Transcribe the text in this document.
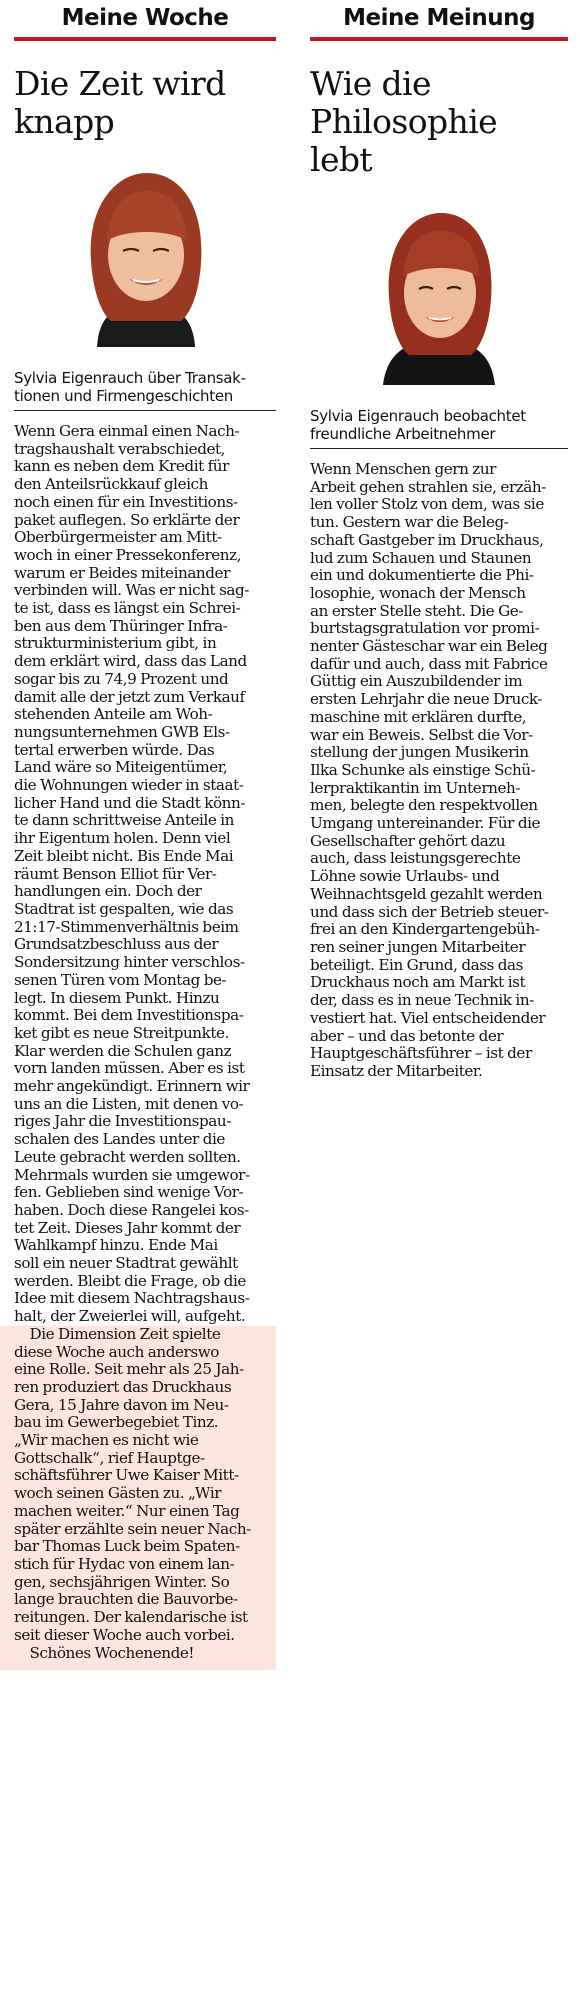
Meine Woche
Die Zeit wird
knapp
Sylvia Eigenrauch über Transak-
tionen und Firmengeschichten
Wenn Gera einmal einen Nach-
tragshaushalt verabschiedet,
kann es neben dem Kredit für
den Anteilsrückkauf gleich
noch einen für ein Investitions-
paket auflegen. So erklärte der
Oberbürgermeister am Mitt-
woch in einer Pressekonferenz,
warum er Beides miteinander
verbinden will. Was er nicht sag-
te ist, dass es längst ein Schrei-
ben aus dem Thüringer Infra-
strukturministerium gibt, in
dem erklärt wird, dass das Land
sogar bis zu 74,9 Prozent und
damit alle der jetzt zum Verkauf
stehenden Anteile am Woh-
nungsunternehmen GWB Els-
tertal erwerben würde. Das
Land wäre so Miteigentümer,
die Wohnungen wieder in staat-
licher Hand und die Stadt könn-
te dann schrittweise Anteile in
ihr Eigentum holen. Denn viel
Zeit bleibt nicht. Bis Ende Mai
räumt Benson Elliot für Ver-
handlungen ein. Doch der
Stadtrat ist gespalten, wie das
21:17-Stimmenverhältnis beim
Grundsatzbeschluss aus der
Sondersitzung hinter verschlos-
senen Türen vom Montag be-
legt. In diesem Punkt. Hinzu
kommt. Bei dem Investitionspa-
ket gibt es neue Streitpunkte.
Klar werden die Schulen ganz
vorn landen müssen. Aber es ist
mehr angekündigt. Erinnern wir
uns an die Listen, mit denen vo-
riges Jahr die Investitionspau-
schalen des Landes unter die
Leute gebracht werden sollten.
Mehrmals wurden sie umgewor-
fen. Geblieben sind wenige Vor-
haben. Doch diese Rangelei kos-
tet Zeit. Dieses Jahr kommt der
Wahlkampf hinzu. Ende Mai
soll ein neuer Stadtrat gewählt
werden. Bleibt die Frage, ob die
Idee mit diesem Nachtragshaus-
halt, der Zweierlei will, aufgeht.
Die Dimension Zeit spielte
diese Woche auch anderswo
eine Rolle. Seit mehr als 25 Jah-
ren produziert das Druckhaus
Gera, 15 Jahre davon im Neu-
bau im Gewerbegebiet Tinz.
„Wir machen es nicht wie
Gottschalk“, rief Hauptge-
schäftsführer Uwe Kaiser Mitt-
woch seinen Gästen zu. „Wir
machen weiter.“ Nur einen Tag
später erzählte sein neuer Nach-
bar Thomas Luck beim Spaten-
stich für Hydac von einem lan-
gen, sechsjährigen Winter. So
lange brauchten die Bauvorbe-
reitungen. Der kalendarische ist
seit dieser Woche auch vorbei.
Schönes Wochenende!
Meine Meinung
Wie die
Philosophie lebt
Sylvia Eigenrauch beobachtet
freundliche Arbeitnehmer
Wenn Menschen gern zur
Arbeit gehen strahlen sie, erzäh-
len voller Stolz von dem, was sie
tun. Gestern war die Beleg-
schaft Gastgeber im Druckhaus,
lud zum Schauen und Staunen
ein und dokumentierte die Phi-
losophie, wonach der Mensch
an erster Stelle steht. Die Ge-
burtstagsgratulation vor promi-
nenter Gästeschar war ein Beleg
dafür und auch, dass mit Fabrice
Güttig ein Auszubildender im
ersten Lehrjahr die neue Druck-
maschine mit erklären durfte,
war ein Beweis. Selbst die Vor-
stellung der jungen Musikerin
Ilka Schunke als einstige Schü-
lerpraktikantin im Unterneh-
men, belegte den respektvollen
Umgang untereinander. Für die
Gesellschafter gehört dazu
auch, dass leistungsgerechte
Löhne sowie Urlaubs- und
Weihnachtsgeld gezahlt werden
und dass sich der Betrieb steuer-
frei an den Kindergartengebüh-
ren seiner jungen Mitarbeiter
beteiligt. Ein Grund, dass das
Druckhaus noch am Markt ist
der, dass es in neue Technik in-
vestiert hat. Viel entscheidender
aber – und das betonte der
Hauptgeschäftsführer – ist der
Einsatz der Mitarbeiter.
